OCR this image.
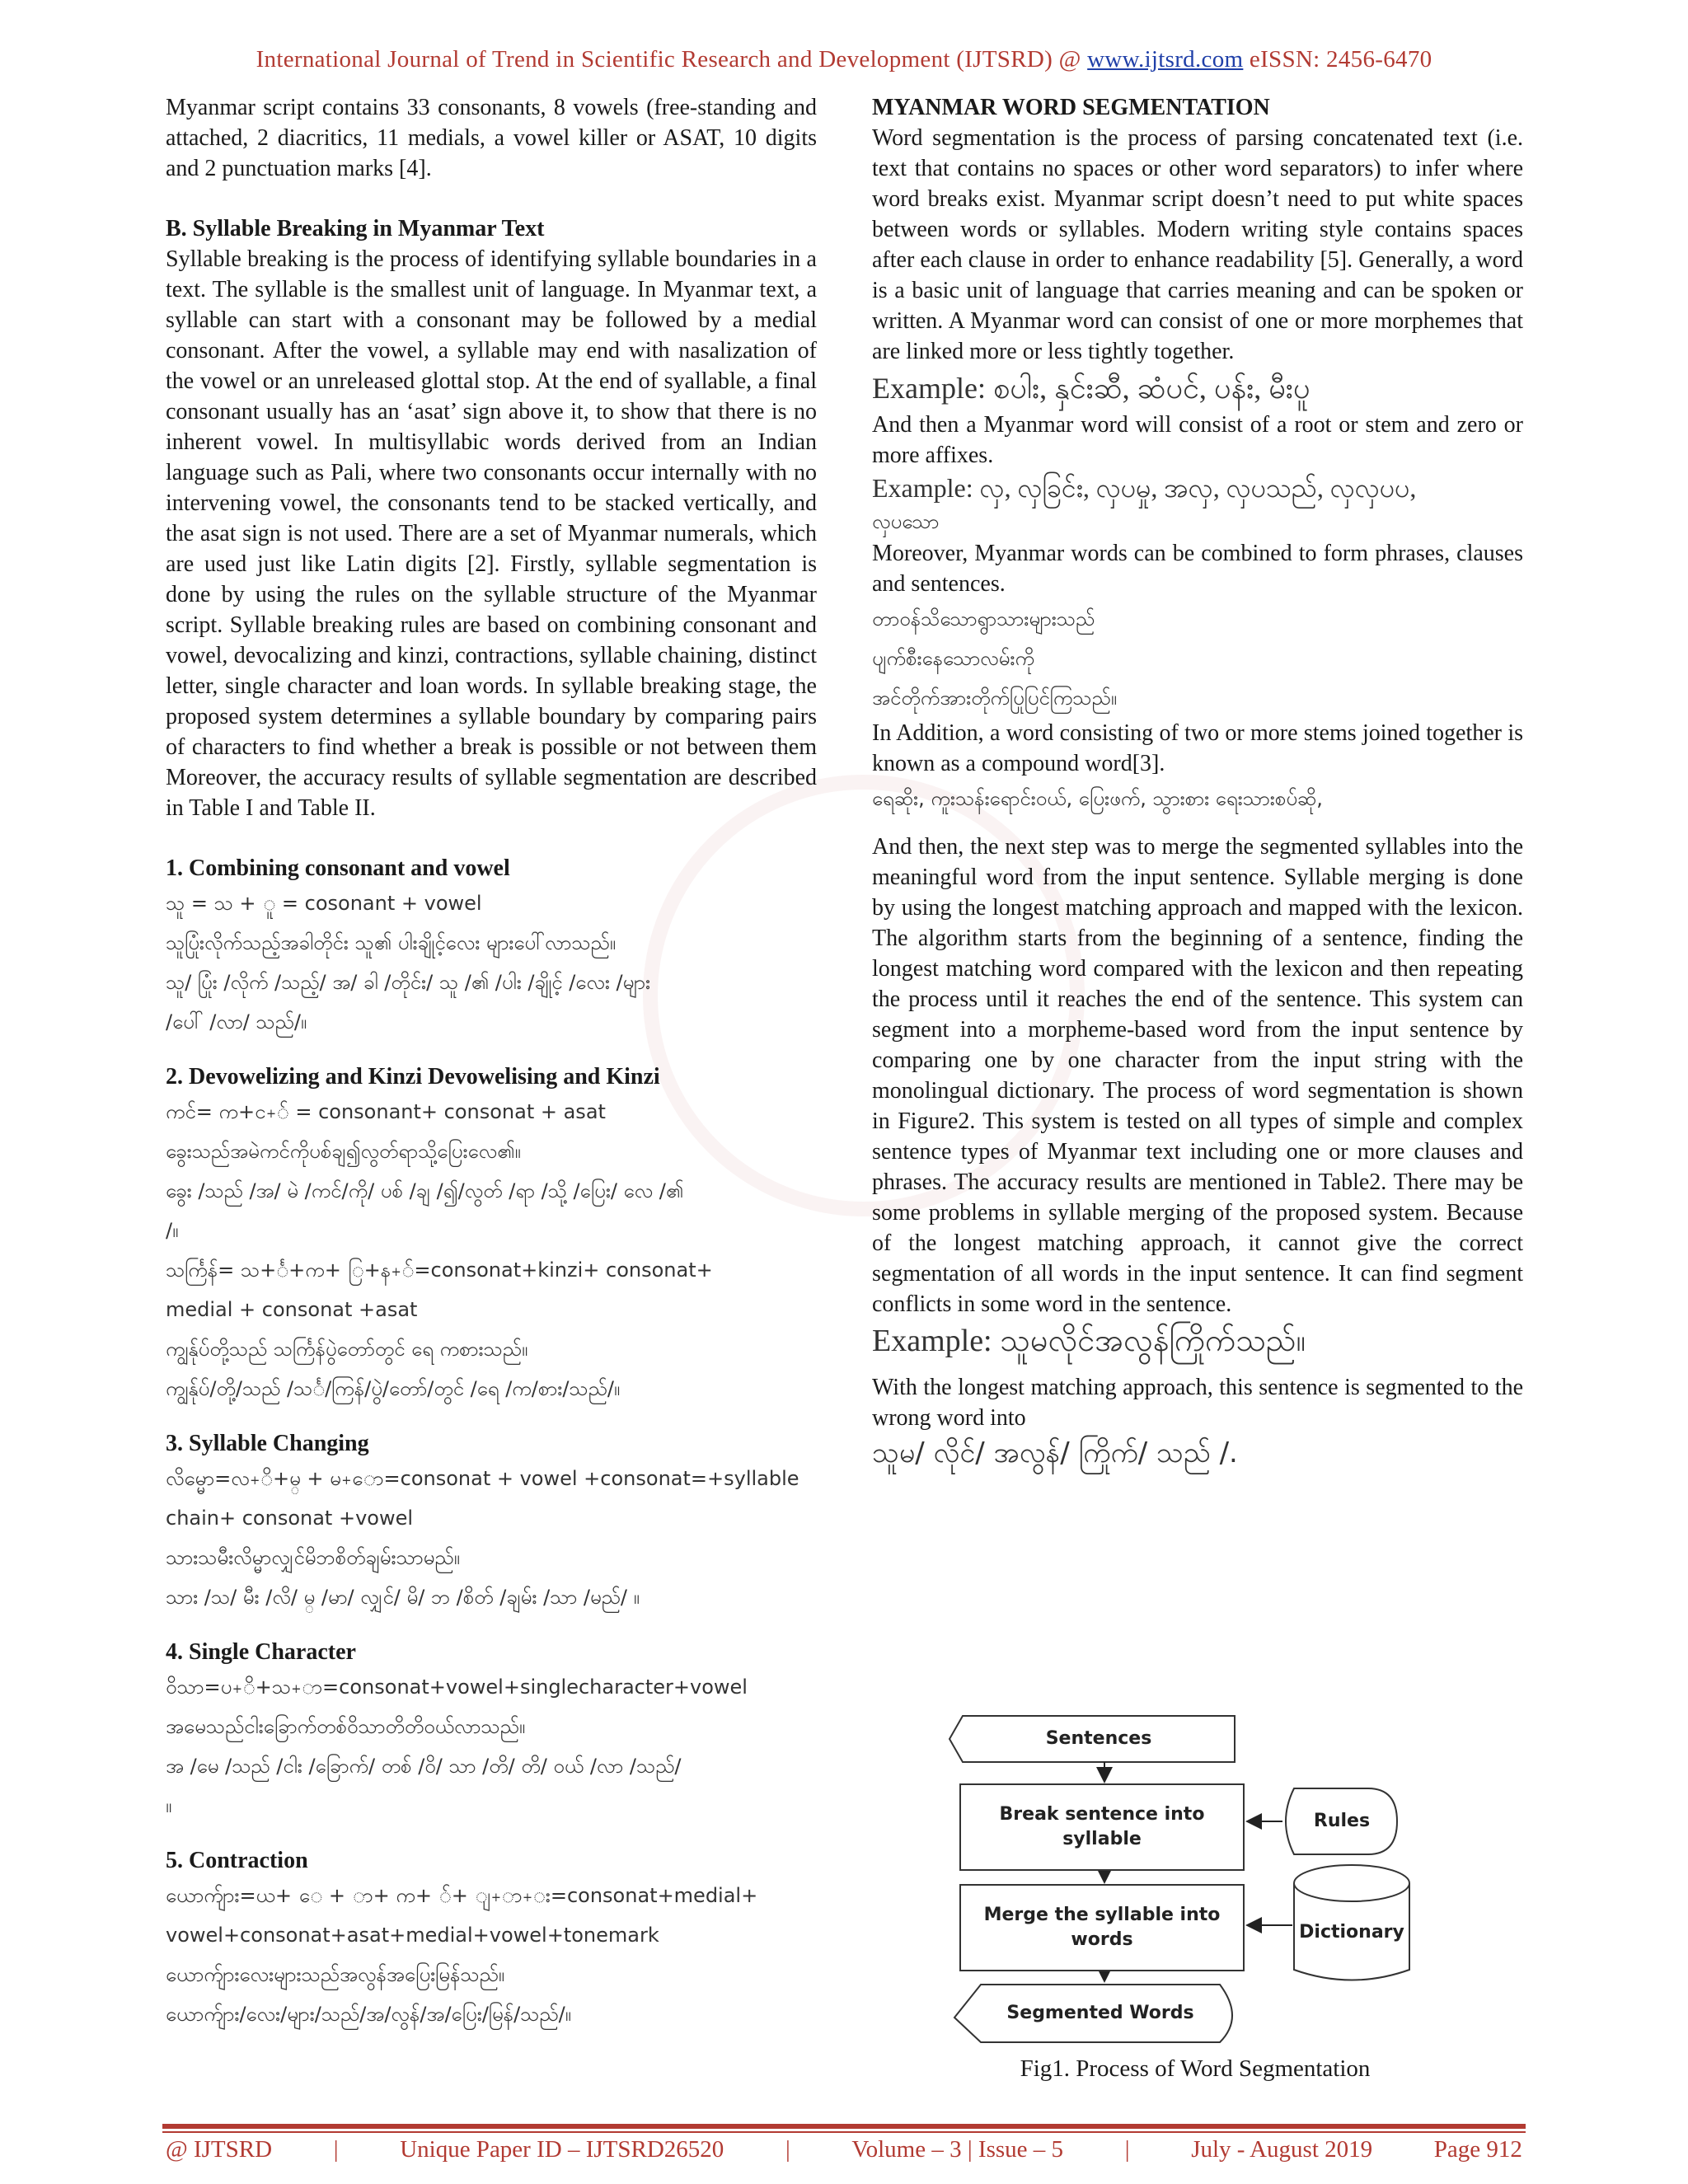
International Journal of Trend in Scientific Research and Development (IJTSRD) @ www.ijtsrd.com eISSN: 2456-6470

Myanmar script contains 33 consonants, 8 vowels (free-standing and attached, 2 diacritics, 11 medials, a vowel killer or ASAT, 10 digits and 2 punctuation marks [4].

B. Syllable Breaking in Myanmar Text

Syllable breaking is the process of identifying syllable boundaries in a text. The syllable is the smallest unit of language. In Myanmar text, a syllable can start with a consonant may be followed by a medial consonant. After the vowel, a syllable may end with nasalization of the vowel or an unreleased glottal stop. At the end of syallable, a final consonant usually has an ‘asat’ sign above it, to show that there is no inherent vowel. In multisyllabic words derived from an Indian language such as Pali, where two consonants occur internally with no intervening vowel, the consonants tend to be stacked vertically, and the asat sign is not used. There are a set of Myanmar numerals, which are used just like Latin digits [2]. Firstly, syllable segmentation is done by using the rules on the syllable structure of the Myanmar script. Syllable breaking rules are based on combining consonant and vowel, devocalizing and kinzi, contractions, syllable chaining, distinct letter, single character and loan words. In syllable breaking stage, the proposed system determines a syllable boundary by comparing pairs of characters to find whether a break is possible or not between them Moreover, the accuracy results of syllable segmentation are described in Table I and Table II.

1. Combining consonant and vowel

သူ = သ + ူ = cosonant + vowel
သူပြုံးလိုက်သည့်အခါတိုင်း သူ၏ ပါးချိုင့်လေး များပေါ်လာသည်။
သူ/ ပြုံး /လိုက် /သည့်/ အ/ ခါ /တိုင်း/ သူ /၏ /ပါး /ချိုင့် /လေး /များ
/ပေါ် /လာ/ သည်/။

2. Devowelizing and Kinzi Devowelising and Kinzi

ကင်= က+င+် = consonant+ consonat + asat
ခွေးသည်အမဲကင်ကိုပစ်ချ၍လွတ်ရာသို့ပြေးလေ၏။
ခွေး /သည် /အ/ မဲ /ကင်/ကို/ ပစ် /ချ /၍/လွတ် /ရာ /သို့ /ပြေး/ လေ /၏
/။
သင်္ကြန်= သ+င်္+က+ ြ+န+်=consonat+kinzi+ consonat+
medial + consonat +asat
ကျွန်ုပ်တို့သည် သင်္ကြန်ပွဲတော်တွင် ရေ ကစားသည်။
ကျွန်ုပ်/တို့/သည် /သင်္/ကြန်/ပွဲ/တော်/တွင် /ရေ /က/စား/သည်/။

3. Syllable Changing

လိမ္မော=လ+ိ+မ္ + မ+ော=consonat + vowel +consonat=+syllable
chain+ consonat +vowel
သားသမီးလိမ္မာလျှင်မိဘစိတ်ချမ်းသာမည်။
သား /သ/ မီး /လိ/ မ္ /မာ/ လျှင်/ မိ/ ဘ /စိတ် /ချမ်း /သာ /မည်/ ။

4. Single Character

ဝိသာ=ပ+ိ+သ+ာ=consonat+vowel+singlecharacter+vowel
အမေသည်ငါးခြောက်တစ်ဝိသာတိတိဝယ်လာသည်။
အ /မေ /သည် /ငါး /ခြောက်/ တစ် /ဝိ/ သာ /တိ/ တိ/ ဝယ် /လာ /သည်/
။

5. Contraction

ယောက်ျား=ယ+ ေ + ာ+ က+ ်+ ျ+ာ+း=consonat+medial+
vowel+consonat+asat+medial+vowel+tonemark
ယောက်ျားလေးများသည်အလွန်အပြေးမြန်သည်။
ယောက်ျား/လေး/များ/သည်/အ/လွန်/အ/ပြေး/မြန်/သည်/။

MYANMAR WORD SEGMENTATION

Word segmentation is the process of parsing concatenated text (i.e. text that contains no spaces or other word separators) to infer where word breaks exist. Myanmar script doesn’t need to put white spaces between words or syllables. Modern writing style contains spaces after each clause in order to enhance readability [5]. Generally, a word is a basic unit of language that carries meaning and can be spoken or written. A Myanmar word can consist of one or more morphemes that are linked more or less tightly together.

Example: စပါး, နှင်းဆီ, ဆံပင်, ပန်း, မီးပူ

And then a Myanmar word will consist of a root or stem and zero or more affixes.

Example: လှ, လှခြင်း, လှပမှု, အလှ, လှပသည်, လှလှပပ,
လှပသော

Moreover, Myanmar words can be combined to form phrases, clauses and sentences.

တာဝန်သိသောရွာသားများသည်
ပျက်စီးနေသောလမ်းကို
အင်တိုက်အားတိုက်ပြုပြင်ကြသည်။

In Addition, a word consisting of two or more stems joined together is known as a compound word[3].

ရေဆိုး, ကူးသန်းရောင်းဝယ်, ပြေးဖက်, သွားစား ရေးသားစပ်ဆို,

And then, the next step was to merge the segmented syllables into the meaningful word from the input sentence. Syllable merging is done by using the longest matching approach and mapped with the lexicon. The algorithm starts from the beginning of a sentence, finding the longest matching word compared with the lexicon and then repeating the process until it reaches the end of the sentence. This system can segment into a morpheme-based word from the input sentence by comparing one by one character from the input string with the monolingual dictionary. The process of word segmentation is shown in Figure2. This system is tested on all types of simple and complex sentence types of Myanmar text including one or more clauses and phrases. The accuracy results are mentioned in Table2. There may be some problems in syllable merging of the proposed system. Because of the longest matching approach, it cannot give the correct segmentation of all words in the input sentence. It can find segment conflicts in some word in the sentence.

Example: သူမလိုင်အလွန်ကြိုက်သည်။

With the longest matching approach, this sentence is segmented to the wrong word into

သူမ/ လိုင်/ အလွန်/ ကြိုက်/ သည် /.
Sentences
Break sentence into syllable
Rules
Merge the syllable into words	Dictionary
Segmented Words
Fig1. Process of Word Segmentation
@ IJTSRD	|	Unique Paper ID – IJTSRD26520	|	Volume – 3 | Issue – 5	|	July - August 2019	Page 912
